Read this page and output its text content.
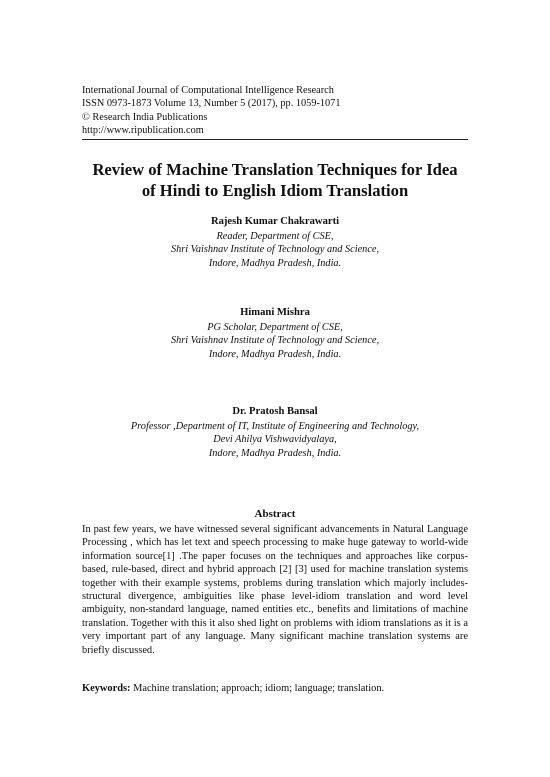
International Journal of Computational Intelligence Research
ISSN 0973-1873 Volume 13, Number 5 (2017), pp. 1059-1071
© Research India Publications
http://www.ripublication.com
Review of Machine Translation Techniques for Idea
of Hindi to English Idiom Translation
Rajesh Kumar Chakrawarti
Reader, Department of CSE,
Shri Vaishnav Institute of Technology and Science,
Indore, Madhya Pradesh, India.
Himani Mishra
PG Scholar, Department of CSE,
Shri Vaishnav Institute of Technology and Science,
Indore, Madhya Pradesh, India.
Dr. Pratosh Bansal
Professor ,Department of IT, Institute of Engineering and Technology,
Devi Ahilya Vishwavidyalaya,
Indore, Madhya Pradesh, India.
Abstract
In past few years, we have witnessed several significant advancements in Natural Language Processing , which has let text and speech processing to make huge gateway to world-wide information source[1] .The paper focuses on the techniques and approaches like corpus-based, rule-based, direct and hybrid approach [2] [3] used for machine translation systems together with their example systems, problems during translation which majorly includes- structural divergence, ambiguities like phase level-idiom translation and word level ambiguity, non-standard language, named entities etc., benefits and limitations of machine translation. Together with this it also shed light on problems with idiom translations as it is a very important part of any language. Many significant machine translation systems are briefly discussed.
Keywords: Machine translation; approach; idiom; language; translation.
